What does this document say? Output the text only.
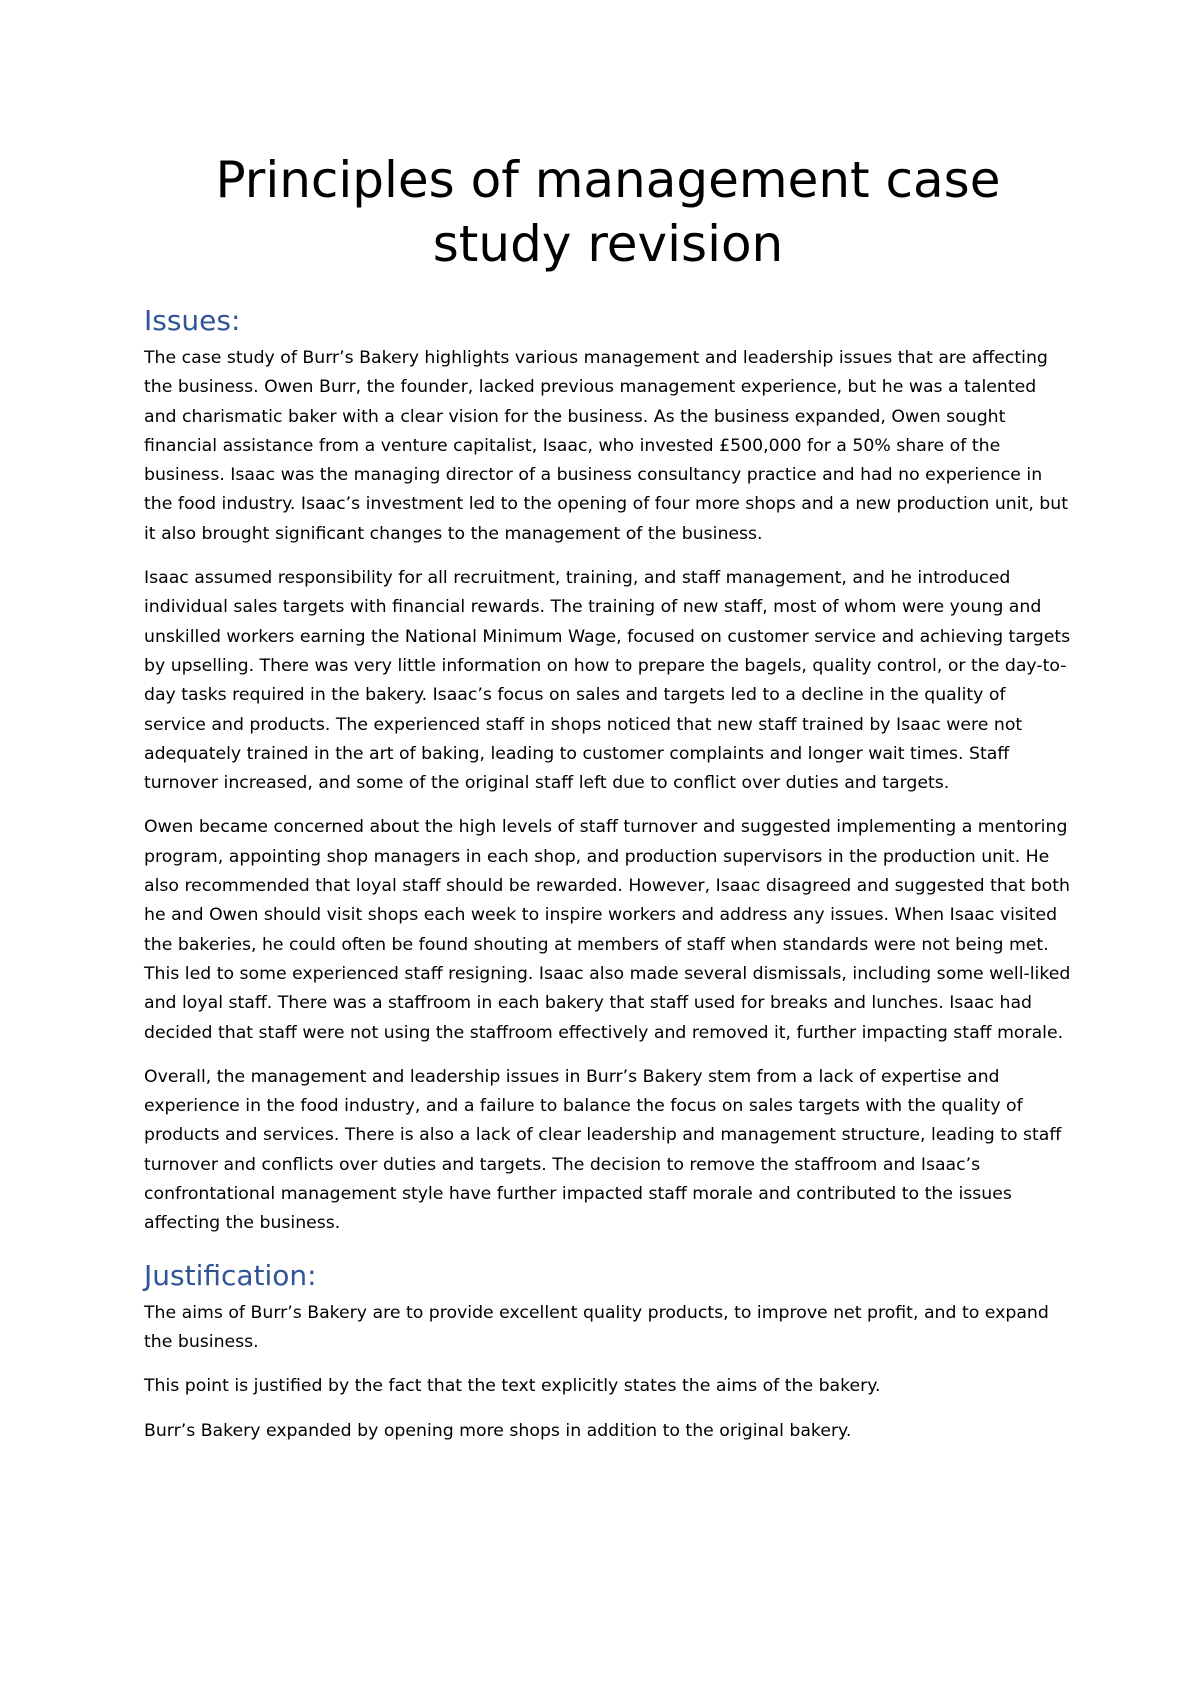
Principles of management case study revision
Issues:

The case study of Burr’s Bakery highlights various management and leadership issues that are affecting the business. Owen Burr, the founder, lacked previous management experience, but he was a talented and charismatic baker with a clear vision for the business. As the business expanded, Owen sought financial assistance from a venture capitalist, Isaac, who invested £500,000 for a 50% share of the business. Isaac was the managing director of a business consultancy practice and had no experience in the food industry. Isaac’s investment led to the opening of four more shops and a new production unit, but it also brought significant changes to the management of the business.

Isaac assumed responsibility for all recruitment, training, and staff management, and he introduced individual sales targets with financial rewards. The training of new staff, most of whom were young and unskilled workers earning the National Minimum Wage, focused on customer service and achieving targets by upselling. There was very little information on how to prepare the bagels, quality control, or the day-to-day tasks required in the bakery. Isaac’s focus on sales and targets led to a decline in the quality of service and products. The experienced staff in shops noticed that new staff trained by Isaac were not adequately trained in the art of baking, leading to customer complaints and longer wait times. Staff turnover increased, and some of the original staff left due to conflict over duties and targets.

Owen became concerned about the high levels of staff turnover and suggested implementing a mentoring program, appointing shop managers in each shop, and production supervisors in the production unit. He also recommended that loyal staff should be rewarded. However, Isaac disagreed and suggested that both he and Owen should visit shops each week to inspire workers and address any issues. When Isaac visited the bakeries, he could often be found shouting at members of staff when standards were not being met. This led to some experienced staff resigning. Isaac also made several dismissals, including some well-liked and loyal staff. There was a staffroom in each bakery that staff used for breaks and lunches. Isaac had decided that staff were not using the staffroom effectively and removed it, further impacting staff morale.

Overall, the management and leadership issues in Burr’s Bakery stem from a lack of expertise and experience in the food industry, and a failure to balance the focus on sales targets with the quality of products and services. There is also a lack of clear leadership and management structure, leading to staff turnover and conflicts over duties and targets. The decision to remove the staffroom and Isaac’s confrontational management style have further impacted staff morale and contributed to the issues affecting the business.

Justification:

The aims of Burr’s Bakery are to provide excellent quality products, to improve net profit, and to expand the business.

This point is justified by the fact that the text explicitly states the aims of the bakery.

Burr’s Bakery expanded by opening more shops in addition to the original bakery.
